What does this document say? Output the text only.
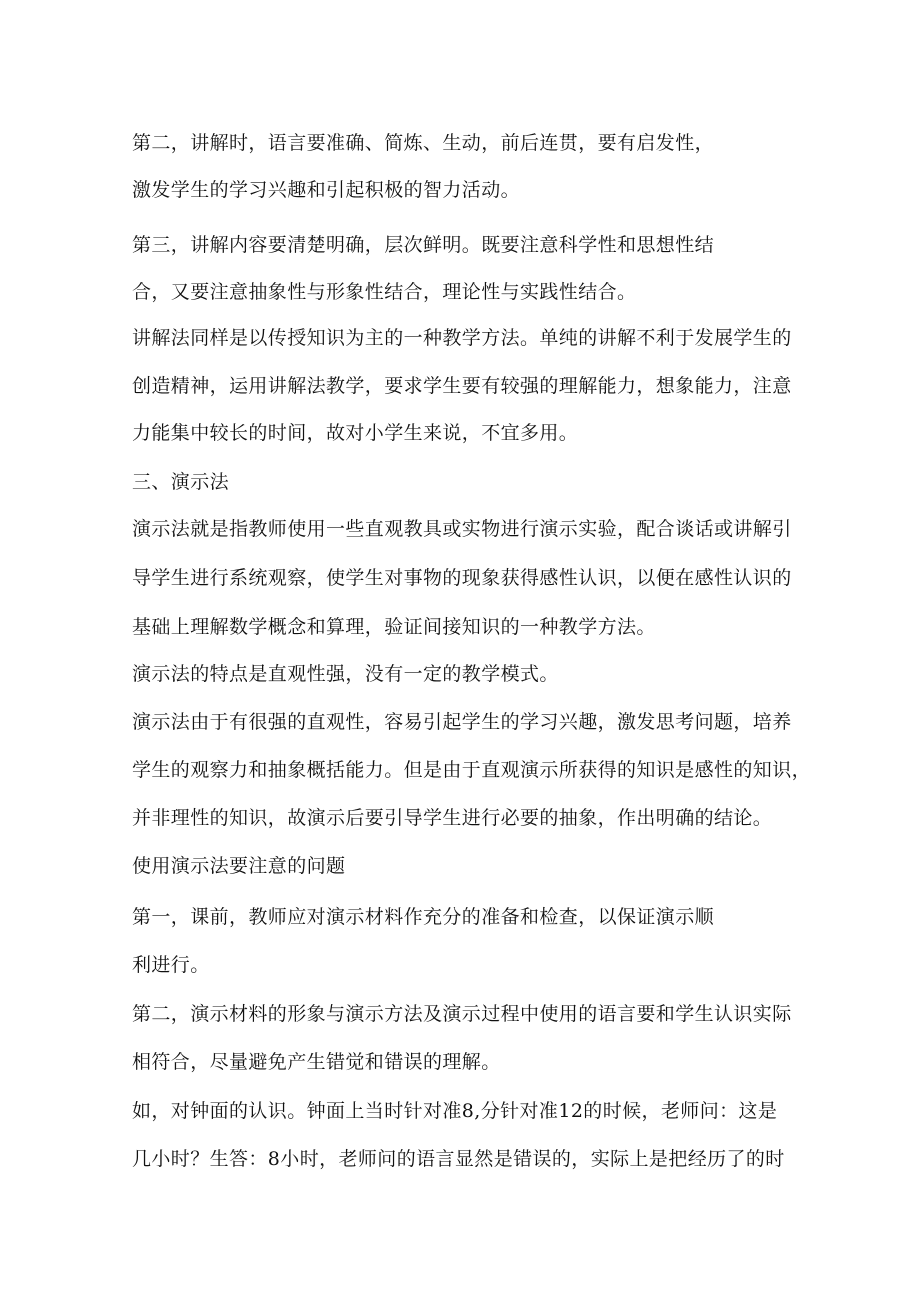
第二，讲解时，语言要准确、简炼、生动，前后连贯，要有启发性，
激发学生的学习兴趣和引起积极的智力活动。
第三，讲解内容要清楚明确，层次鲜明。既要注意科学性和思想性结
合，又要注意抽象性与形象性结合，理论性与实践性结合。
讲解法同样是以传授知识为主的一种教学方法。单纯的讲解不利于发展学生的
创造精神，运用讲解法教学，要求学生要有较强的理解能力，想象能力，注意
力能集中较长的时间，故对小学生来说，不宜多用。
三、演示法
演示法就是指教师使用一些直观教具或实物进行演示实验，配合谈话或讲解引
导学生进行系统观察，使学生对事物的现象获得感性认识，以便在感性认识的
基础上理解数学概念和算理，验证间接知识的一种教学方法。
演示法的特点是直观性强，没有一定的教学模式。
演示法由于有很强的直观性，容易引起学生的学习兴趣，激发思考问题，培养
学生的观察力和抽象概括能力。但是由于直观演示所获得的知识是感性的知识，
并非理性的知识，故演示后要引导学生进行必要的抽象，作出明确的结论。
使用演示法要注意的问题
第一，课前，教师应对演示材料作充分的准备和检查，以保证演示顺
利进行。
第二，演示材料的形象与演示方法及演示过程中使用的语言要和学生认识实际
相符合，尽量避免产生错觉和错误的理解。
如，对钟面的认识。钟面上当时针对准8,分针对准12的时候，老师问：这是
几小时？生答：8小时，老师问的语言显然是错误的，实际上是把经历了的时
